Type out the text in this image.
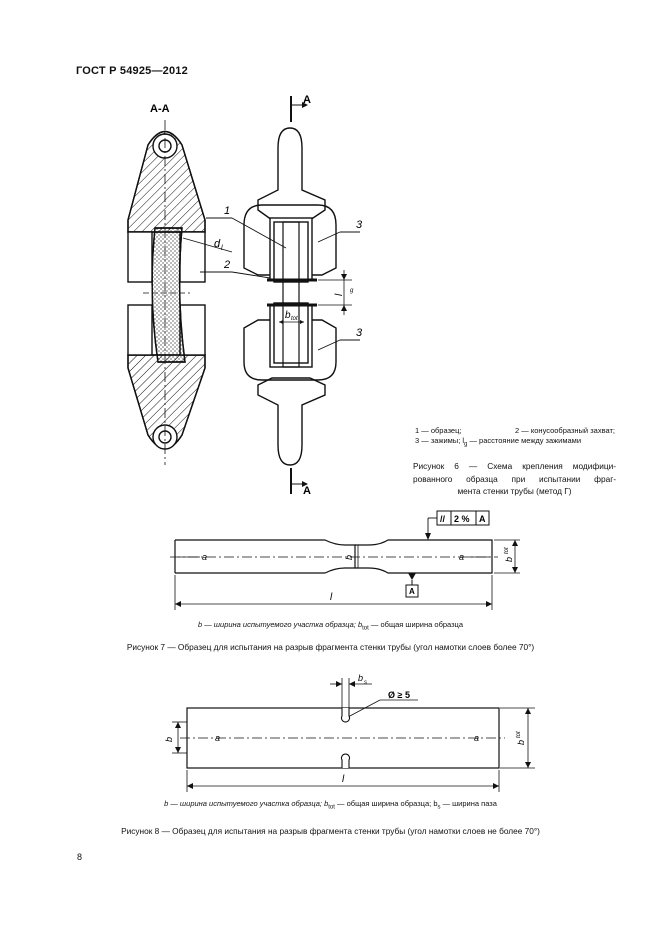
ГОСТ Р 54925—2012
А-А
d l
А
А
1
2
3
3
l
g
b tot
1 — образец;	2 — конусообразный захват;
3 — зажимы; $l_g$ — расстояние между зажимами
Рисунок 6 — Схема крепления модифици-
рованного образца при испытании фраг-
мента стенки трубы (метод Г)
// 2 % А
a	a
b
А
b
tot
l
b — ширина испытуемого участка образца; $b_{tot}$ — общая ширина образца
Рисунок 7 — Образец для испытания на разрыв фрагмента стенки трубы (угол намотки слоев более 70°)
b s
Ø ≥ 5
a	a
b
b
tot
l
b — ширина испытуемого участка образца; $b_{tot}$ — общая ширина образца; $b_s$ — ширина паза
Рисунок 8 — Образец для испытания на разрыв фрагмента стенки трубы (угол намотки слоев не более 70°)
8
